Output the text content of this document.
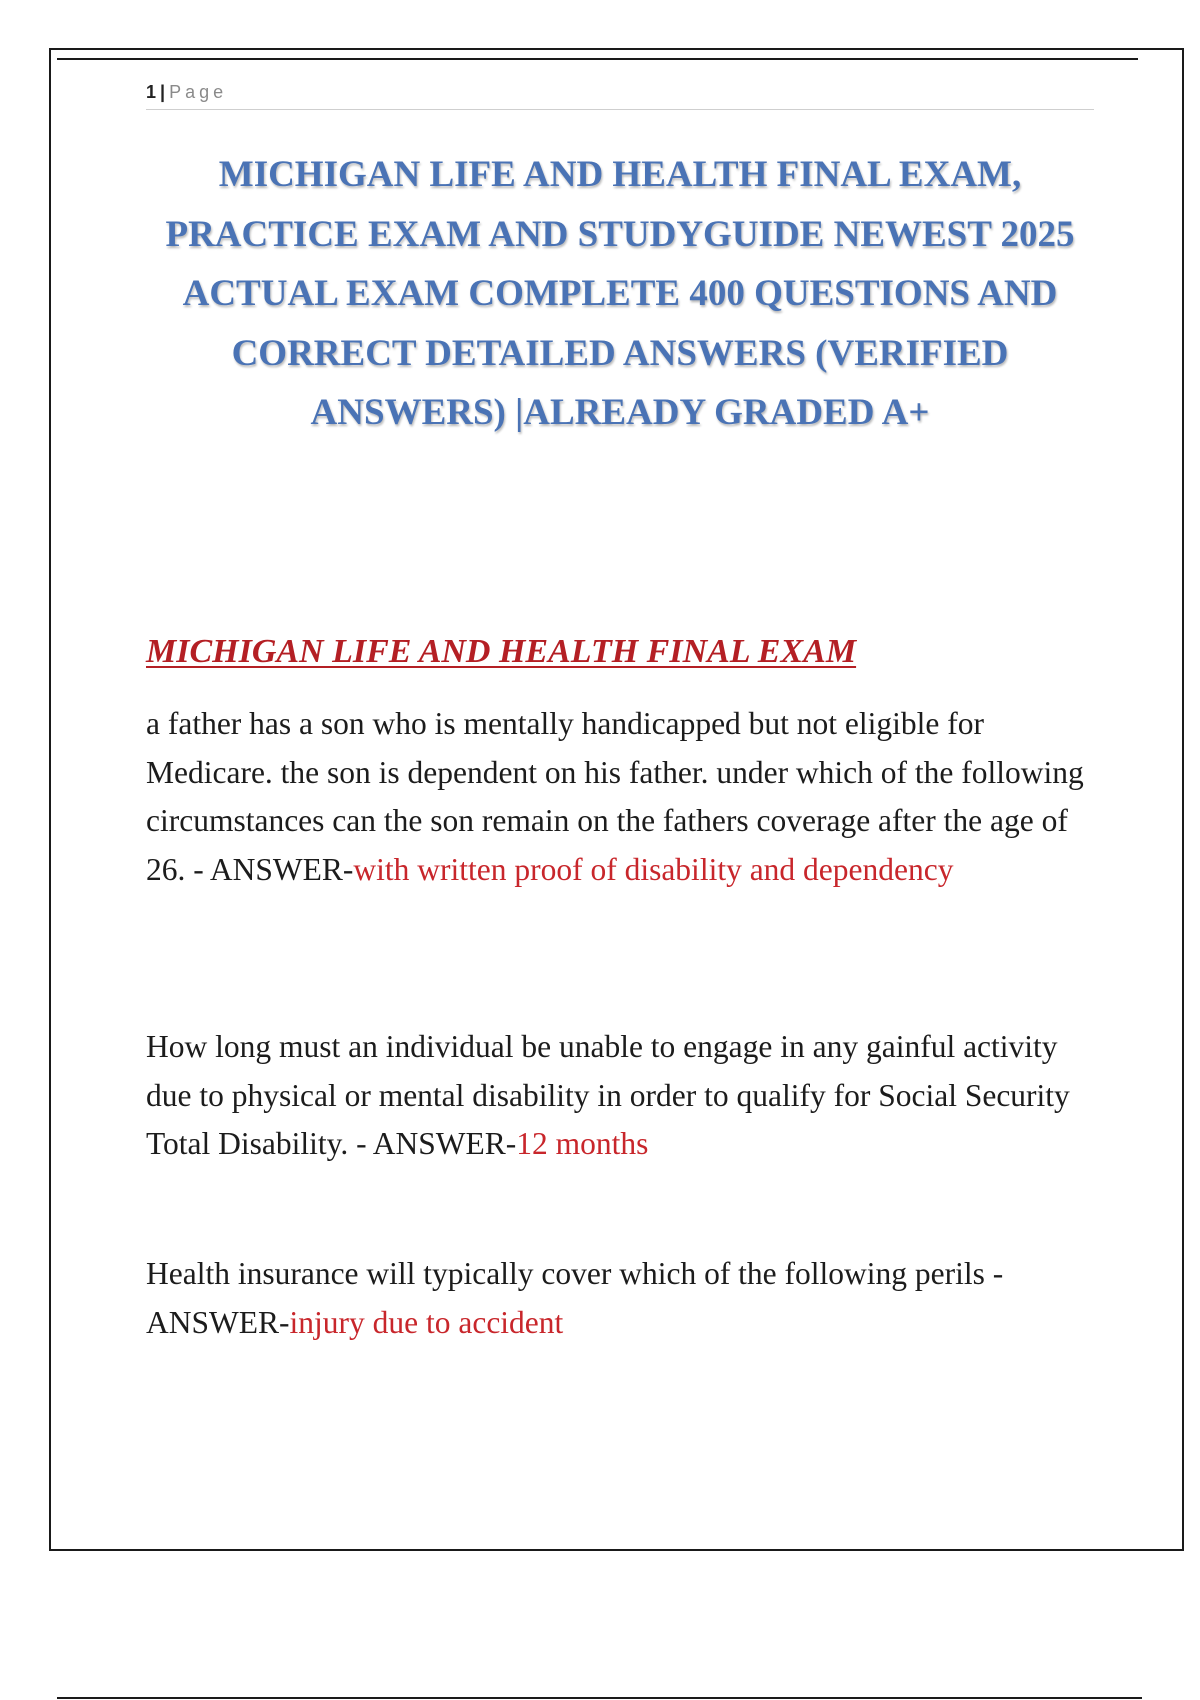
1 | Page
MICHIGAN LIFE AND HEALTH FINAL EXAM, PRACTICE EXAM AND STUDYGUIDE NEWEST 2025 ACTUAL EXAM COMPLETE 400 QUESTIONS AND CORRECT DETAILED ANSWERS (VERIFIED ANSWERS) |ALREADY GRADED A+
MICHIGAN LIFE AND HEALTH FINAL EXAM

a father has a son who is mentally handicapped but not eligible for Medicare. the son is dependent on his father. under which of the following circumstances can the son remain on the fathers coverage after the age of 26. - ANSWER-with written proof of disability and dependency

How long must an individual be unable to engage in any gainful activity due to physical or mental disability in order to qualify for Social Security Total Disability. - ANSWER-12 months

Health insurance will typically cover which of the following perils - ANSWER-injury due to accident
